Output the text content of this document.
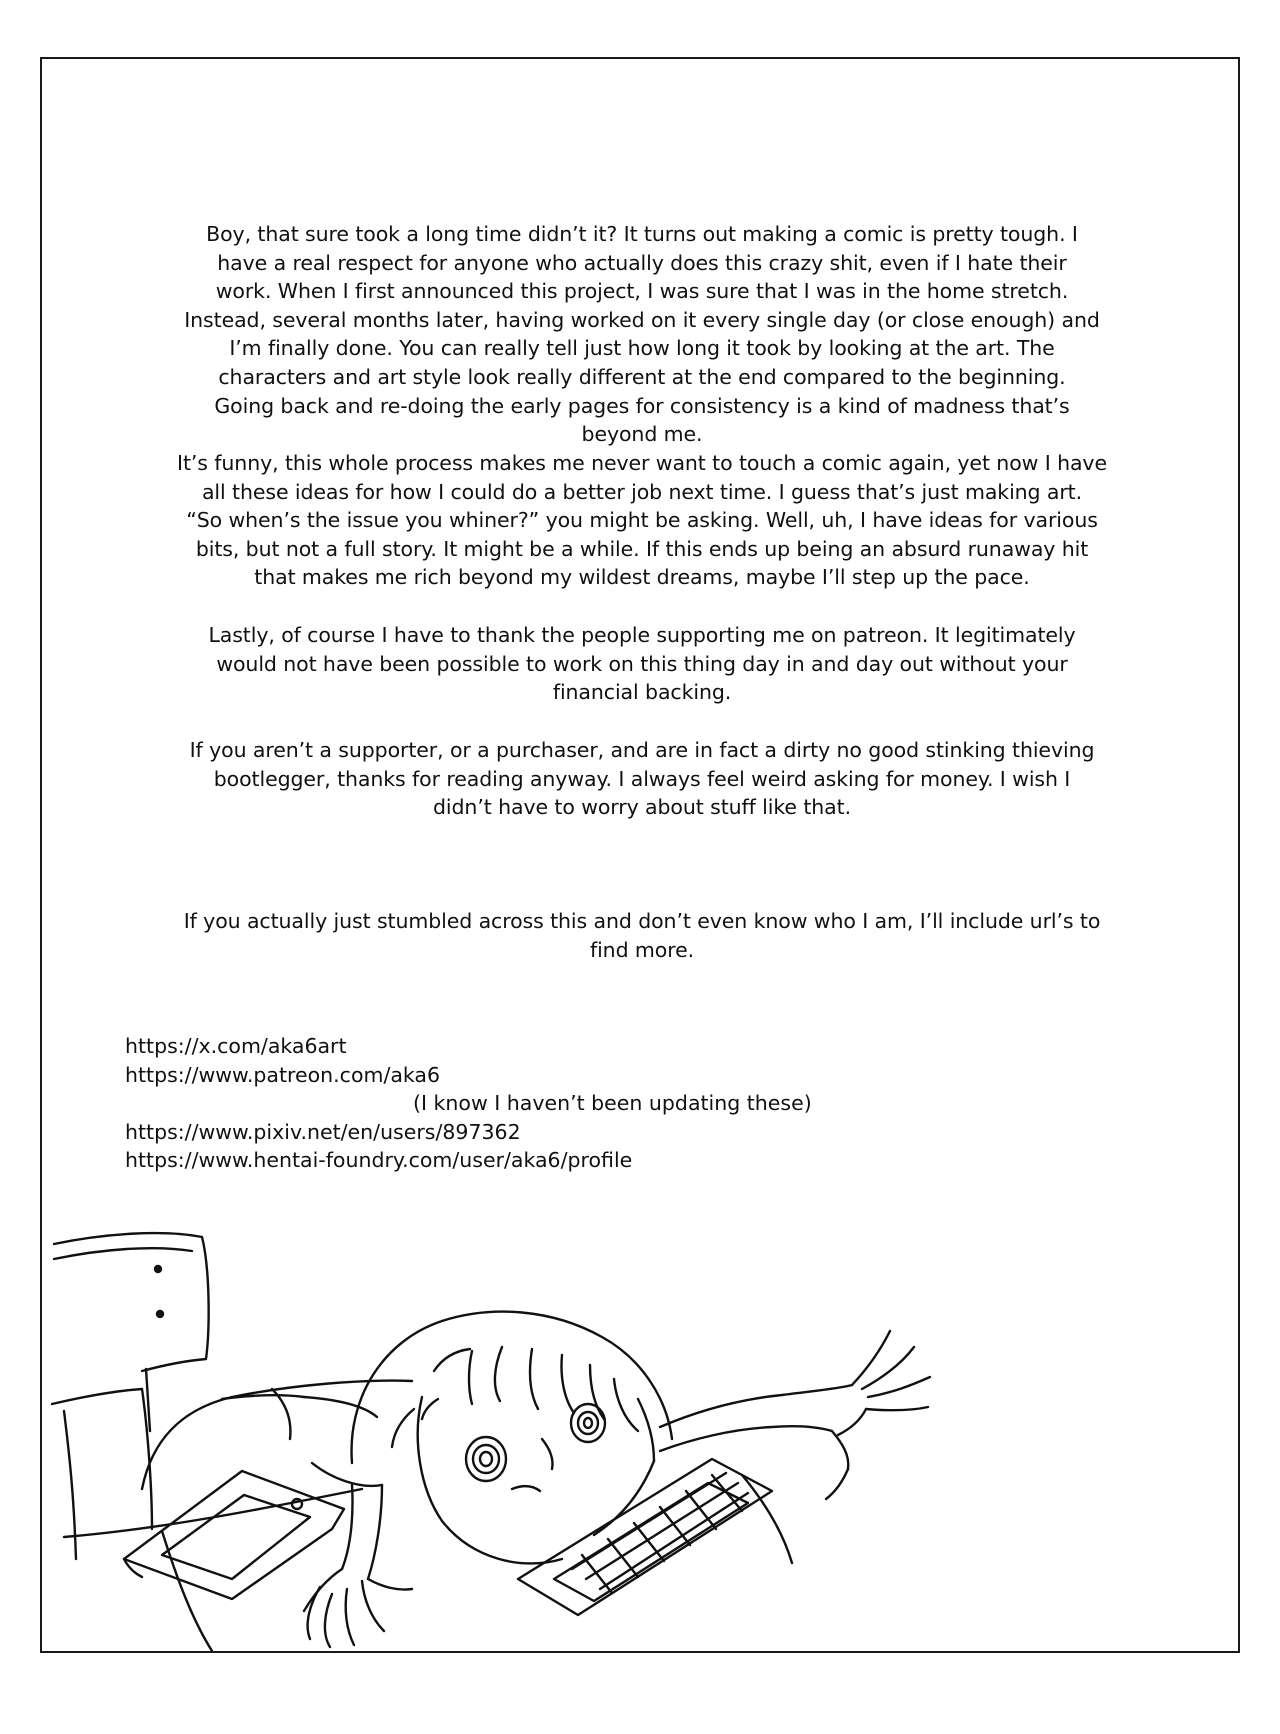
Boy, that sure took a long time didn’t it? It turns out making a comic is pretty tough. I

have a real respect for anyone who actually does this crazy shit, even if I hate their

work. When I first announced this project, I was sure that I was in the home stretch.

Instead, several months later, having worked on it every single day (or close enough) and

I’m finally done. You can really tell just how long it took by looking at the art. The

characters and art style look really different at the end compared to the beginning.

Going back and re-doing the early pages for consistency is a kind of madness that’s

beyond me.

It’s funny, this whole process makes me never want to touch a comic again, yet now I have

all these ideas for how I could do a better job next time. I guess that’s just making art.

“So when’s the issue you whiner?” you might be asking. Well, uh, I have ideas for various

bits, but not a full story. It might be a while. If this ends up being an absurd runaway hit

that makes me rich beyond my wildest dreams, maybe I’ll step up the pace.

Lastly, of course I have to thank the people supporting me on patreon. It legitimately

would not have been possible to work on this thing day in and day out without your

financial backing.

If you aren’t a supporter, or a purchaser, and are in fact a dirty no good stinking thieving

bootlegger, thanks for reading anyway. I always feel weird asking for money. I wish I

didn’t have to worry about stuff like that.

If you actually just stumbled across this and don’t even know who I am, I’ll include url’s to

find more.

https://x.com/aka6art
https://www.patreon.com/aka6
(I know I haven’t been updating these)
https://www.pixiv.net/en/users/897362
https://www.hentai-foundry.com/user/aka6/profile
